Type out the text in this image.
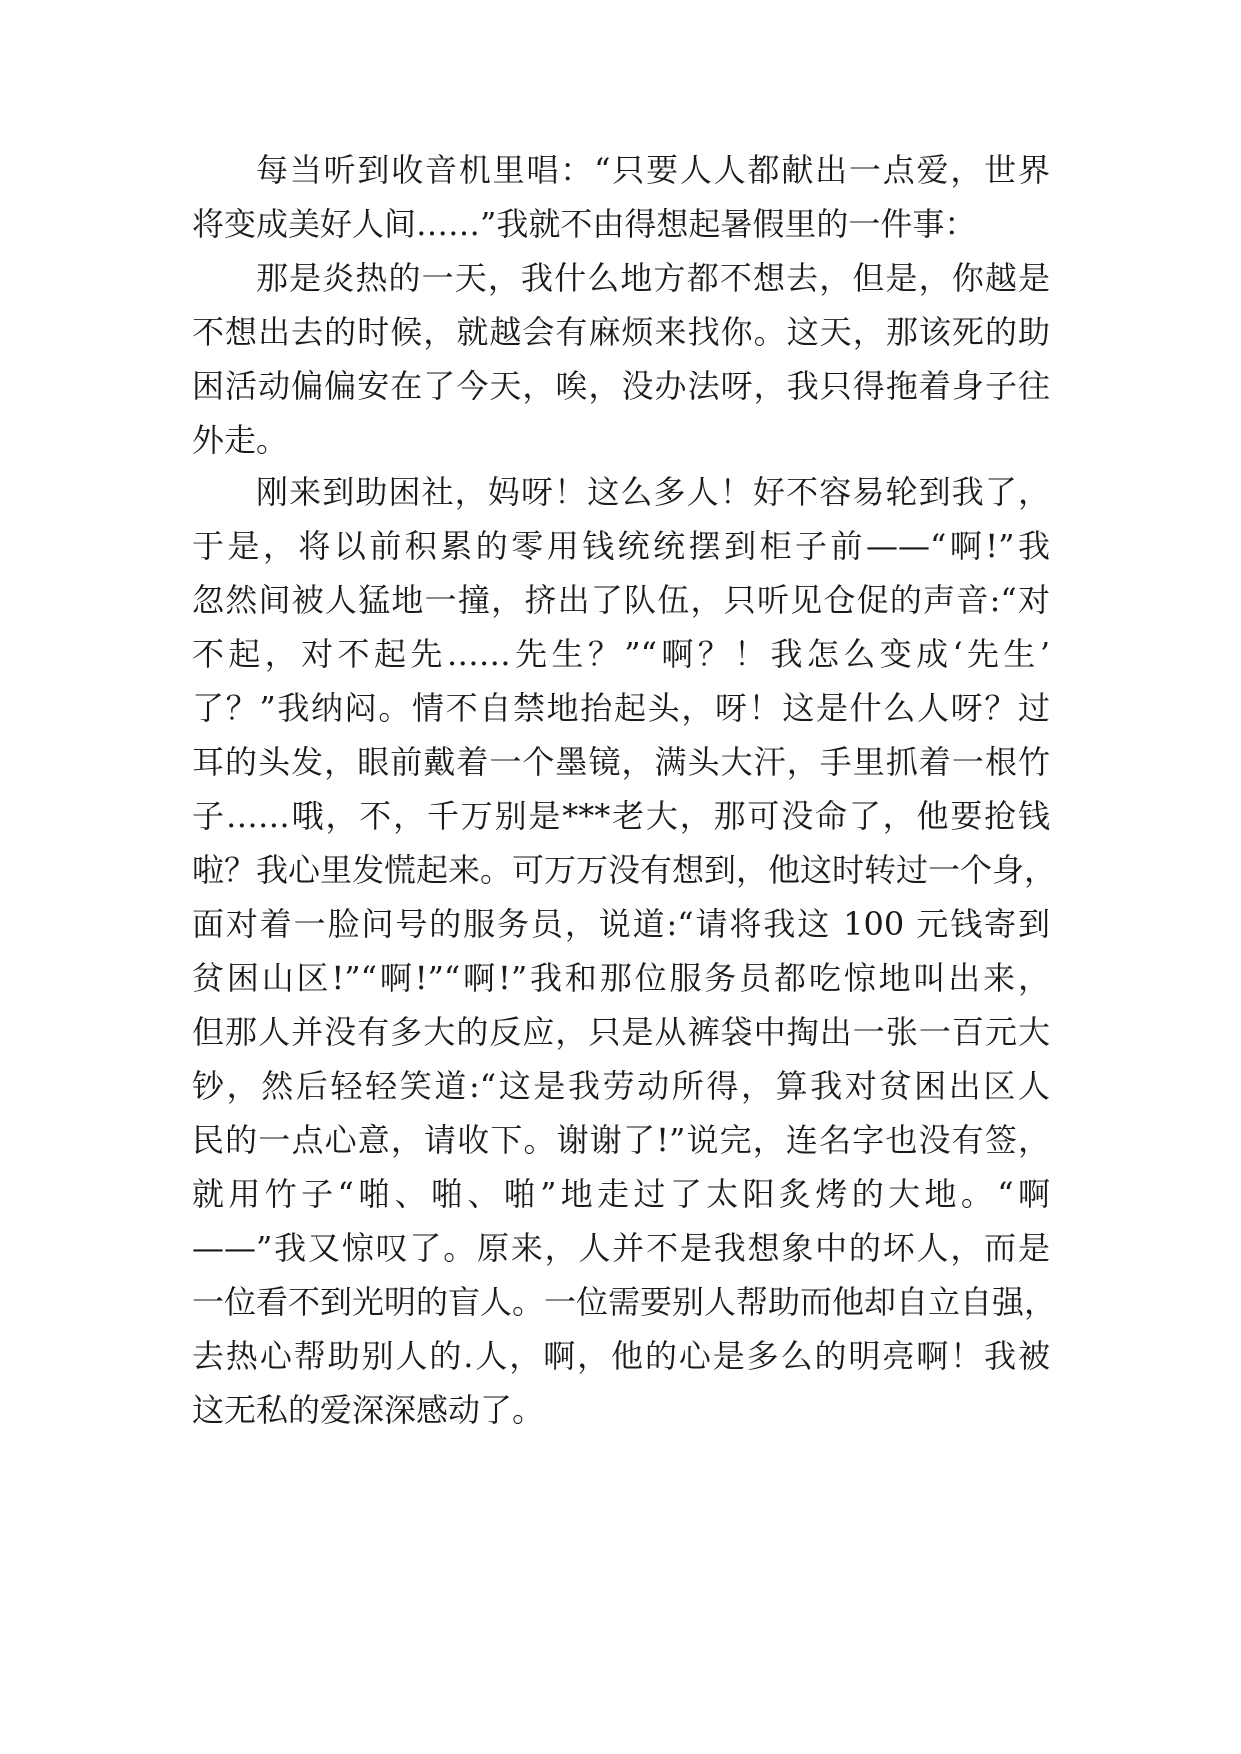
每当听到收音机里唱：“只要人人都献出一点爱，世界
将变成美好人间……”我就不由得想起暑假里的一件事：
那是炎热的一天，我什么地方都不想去，但是，你越是
不想出去的时候，就越会有麻烦来找你。这天，那该死的助
困活动偏偏安在了今天，唉，没办法呀，我只得拖着身子往
外走。
刚来到助困社，妈呀！这么多人！好不容易轮到我了，
于是，将以前积累的零用钱统统摆到柜子前——“啊!”我
忽然间被人猛地一撞，挤出了队伍，只听见仓促的声音:“对
不起，对不起先……先生？”“啊？！我怎么变成‘先生’
了？”我纳闷。情不自禁地抬起头，呀！这是什么人呀？过
耳的头发，眼前戴着一个墨镜，满头大汗，手里抓着一根竹
子……哦，不，千万别是***老大，那可没命了，他要抢钱
啦？我心里发慌起来。可万万没有想到，他这时转过一个身，
面对着一脸问号的服务员，说道:“请将我这 100 元钱寄到
贫困山区!”“啊!”“啊!”我和那位服务员都吃惊地叫出来，
但那人并没有多大的反应，只是从裤袋中掏出一张一百元大
钞，然后轻轻笑道:“这是我劳动所得，算我对贫困出区人
民的一点心意，请收下。谢谢了!”说完，连名字也没有签，
就用竹子“啪、啪、啪”地走过了太阳炙烤的大地。“啊
——”我又惊叹了。原来，人并不是我想象中的坏人，而是
一位看不到光明的盲人。一位需要别人帮助而他却自立自强，
去热心帮助别人的.人，啊，他的心是多么的明亮啊！我被
这无私的爱深深感动了。
